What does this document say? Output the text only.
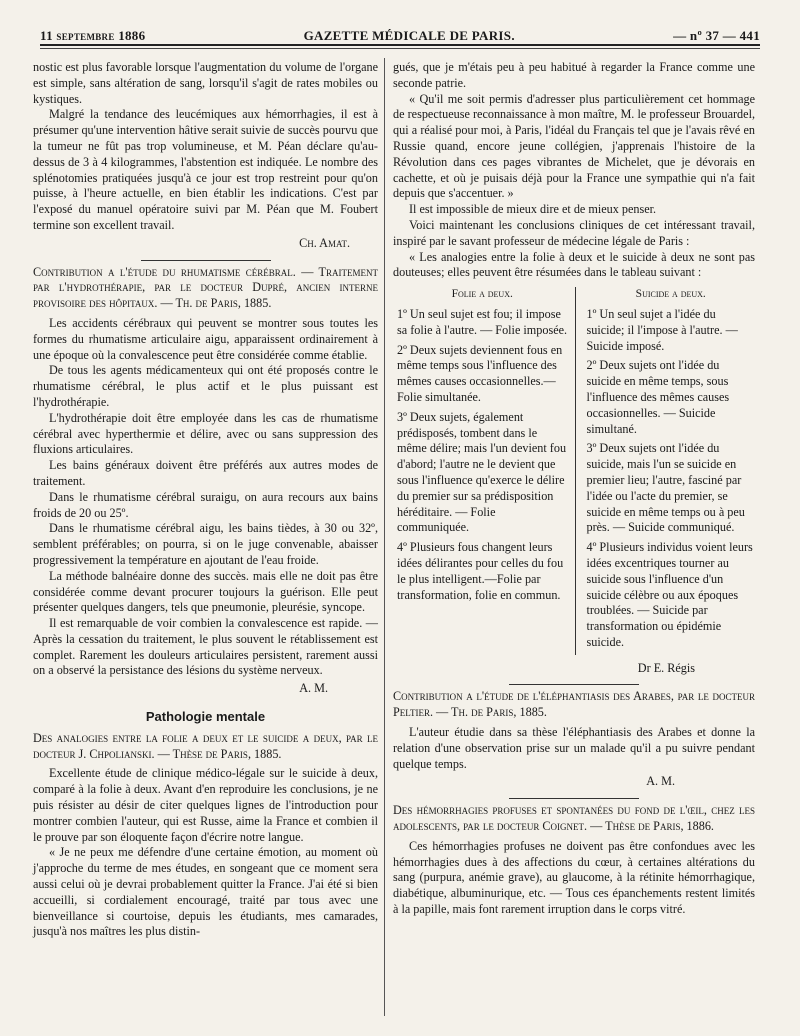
11 septembre 1886	GAZETTE MÉDICALE DE PARIS.	— nº 37 — 441

nostic est plus favorable lorsque l'augmentation du volume de l'organe est simple, sans altération de sang, lorsqu'il s'agit de rates mobiles ou kystiques.

Malgré la tendance des leucémiques aux hémorrhagies, il est à présumer qu'une intervention hâtive serait suivie de succès pourvu que la tumeur ne fût pas trop volumineuse, et M. Péan déclare qu'au-dessus de 3 à 4 kilogrammes, l'abstention est indiquée. Le nombre des splénotomies pratiquées jusqu'à ce jour est trop restreint pour qu'on puisse, à l'heure actuelle, en bien établir les indications. C'est par l'exposé du manuel opératoire suivi par M. Péan que M. Foubert termine son excellent travail.

Ch. Amat.

Contribution a l'étude du rhumatisme cérébral. — Traitement par l'hydrothérapie, par le docteur Dupré, ancien interne provisoire des hôpitaux. — Th. de Paris, 1885.

Les accidents cérébraux qui peuvent se montrer sous toutes les formes du rhumatisme articulaire aigu, apparaissent ordinairement à une époque où la convalescence peut être considérée comme établie.

De tous les agents médicamenteux qui ont été proposés contre le rhumatisme cérébral, le plus actif et le plus puissant est l'hydrothérapie.

L'hydrothérapie doit être employée dans les cas de rhumatisme cérébral avec hyperthermie et délire, avec ou sans suppression des fluxions articulaires.

Les bains généraux doivent être préférés aux autres modes de traitement.

Dans le rhumatisme cérébral suraigu, on aura recours aux bains froids de 20 ou 25º.

Dans le rhumatisme cérébral aigu, les bains tièdes, à 30 ou 32º, semblent préférables; on pourra, si on le juge convenable, abaisser progressivement la température en ajoutant de l'eau froide.

La méthode balnéaire donne des succès. mais elle ne doit pas être considérée comme devant procurer toujours la guérison. Elle peut présenter quelques dangers, tels que pneumonie, pleurésie, syncope.

Il est remarquable de voir combien la convalescence est rapide. — Après la cessation du traitement, le plus souvent le rétablissement est complet. Rarement les douleurs articulaires persistent, rarement aussi on a observé la persistance des lésions du système nerveux.

A. M.
Pathologie mentale

Des analogies entre la folie a deux et le suicide a deux, par le docteur J. Chpolianski. — Thèse de Paris, 1885.

Excellente étude de clinique médico-légale sur le suicide à deux, comparé à la folie à deux. Avant d'en reproduire les conclusions, je ne puis résister au désir de citer quelques lignes de l'introduction pour montrer combien l'auteur, qui est Russe, aime la France et combien il le prouve par son éloquente façon d'écrire notre langue.

« Je ne peux me défendre d'une certaine émotion, au moment où j'approche du terme de mes études, en songeant que ce moment sera aussi celui où je devrai probablement quitter la France. J'ai été si bien accueilli, si cordialement encouragé, traité par tous avec une bienveillance si courtoise, depuis les étudiants, mes camarades, jusqu'à nos maîtres les plus distin-

gués, que je m'étais peu à peu habitué à regarder la France comme une seconde patrie.

« Qu'il me soit permis d'adresser plus particulièrement cet hommage de respectueuse reconnaissance à mon maître, M. le professeur Brouardel, qui a réalisé pour moi, à Paris, l'idéal du Français tel que je l'avais rêvé en Russie quand, encore jeune collégien, j'apprenais l'histoire de la Révolution dans ces pages vibrantes de Michelet, que je dévorais en cachette, et où je puisais déjà pour la France une sympathie qui n'a fait depuis que s'accentuer. »

Il est impossible de mieux dire et de mieux penser.

Voici maintenant les conclusions cliniques de cet intéressant travail, inspiré par le savant professeur de médecine légale de Paris :

« Les analogies entre la folie à deux et le suicide à deux ne sont pas douteuses; elles peuvent être résumées dans le tableau suivant :

Folie a deux.

1º Un seul sujet est fou; il impose sa folie à l'autre. — Folie imposée.

2º Deux sujets deviennent fous en même temps sous l'influence des mêmes causes occasionnelles.—Folie simultanée.

3º Deux sujets, également prédisposés, tombent dans le même délire; mais l'un devient fou d'abord; l'autre ne le devient que sous l'influence qu'exerce le délire du premier sur sa prédisposition héréditaire. — Folie communiquée.

4º Plusieurs fous changent leurs idées délirantes pour celles du fou le plus intelligent.—Folie par transformation, folie en commun.

Suicide a deux.

1º Un seul sujet a l'idée du suicide; il l'impose à l'autre. — Suicide imposé.

2º Deux sujets ont l'idée du suicide en même temps, sous l'influence des mêmes causes occasionnelles. — Suicide simultané.

3º Deux sujets ont l'idée du suicide, mais l'un se suicide en premier lieu; l'autre, fasciné par l'idée ou l'acte du premier, se suicide en même temps ou à peu près. — Suicide communiqué.

4º Plusieurs individus voient leurs idées excentriques tourner au suicide sous l'influence d'un suicide célèbre ou aux époques troublées. — Suicide par transformation ou épidémie suicide.

Dr E. Régis

Contribution a l'étude de l'éléphantiasis des Arabes, par le docteur Peltier. — Th. de Paris, 1885.

L'auteur étudie dans sa thèse l'éléphantiasis des Arabes et donne la relation d'une observation prise sur un malade qu'il a pu suivre pendant quelque temps.

A. M.

Des hémorrhagies profuses et spontanées du fond de l'œil, chez les adolescents, par le docteur Coignet. — Thèse de Paris, 1886.

Ces hémorrhagies profuses ne doivent pas être confondues avec les hémorrhagies dues à des affections du cœur, à certaines altérations du sang (purpura, anémie grave), au glaucome, à la rétinite hémorrhagique, diabétique, albuminurique, etc. — Tous ces épanchements restent limités à la papille, mais font rarement irruption dans le corps vitré.
